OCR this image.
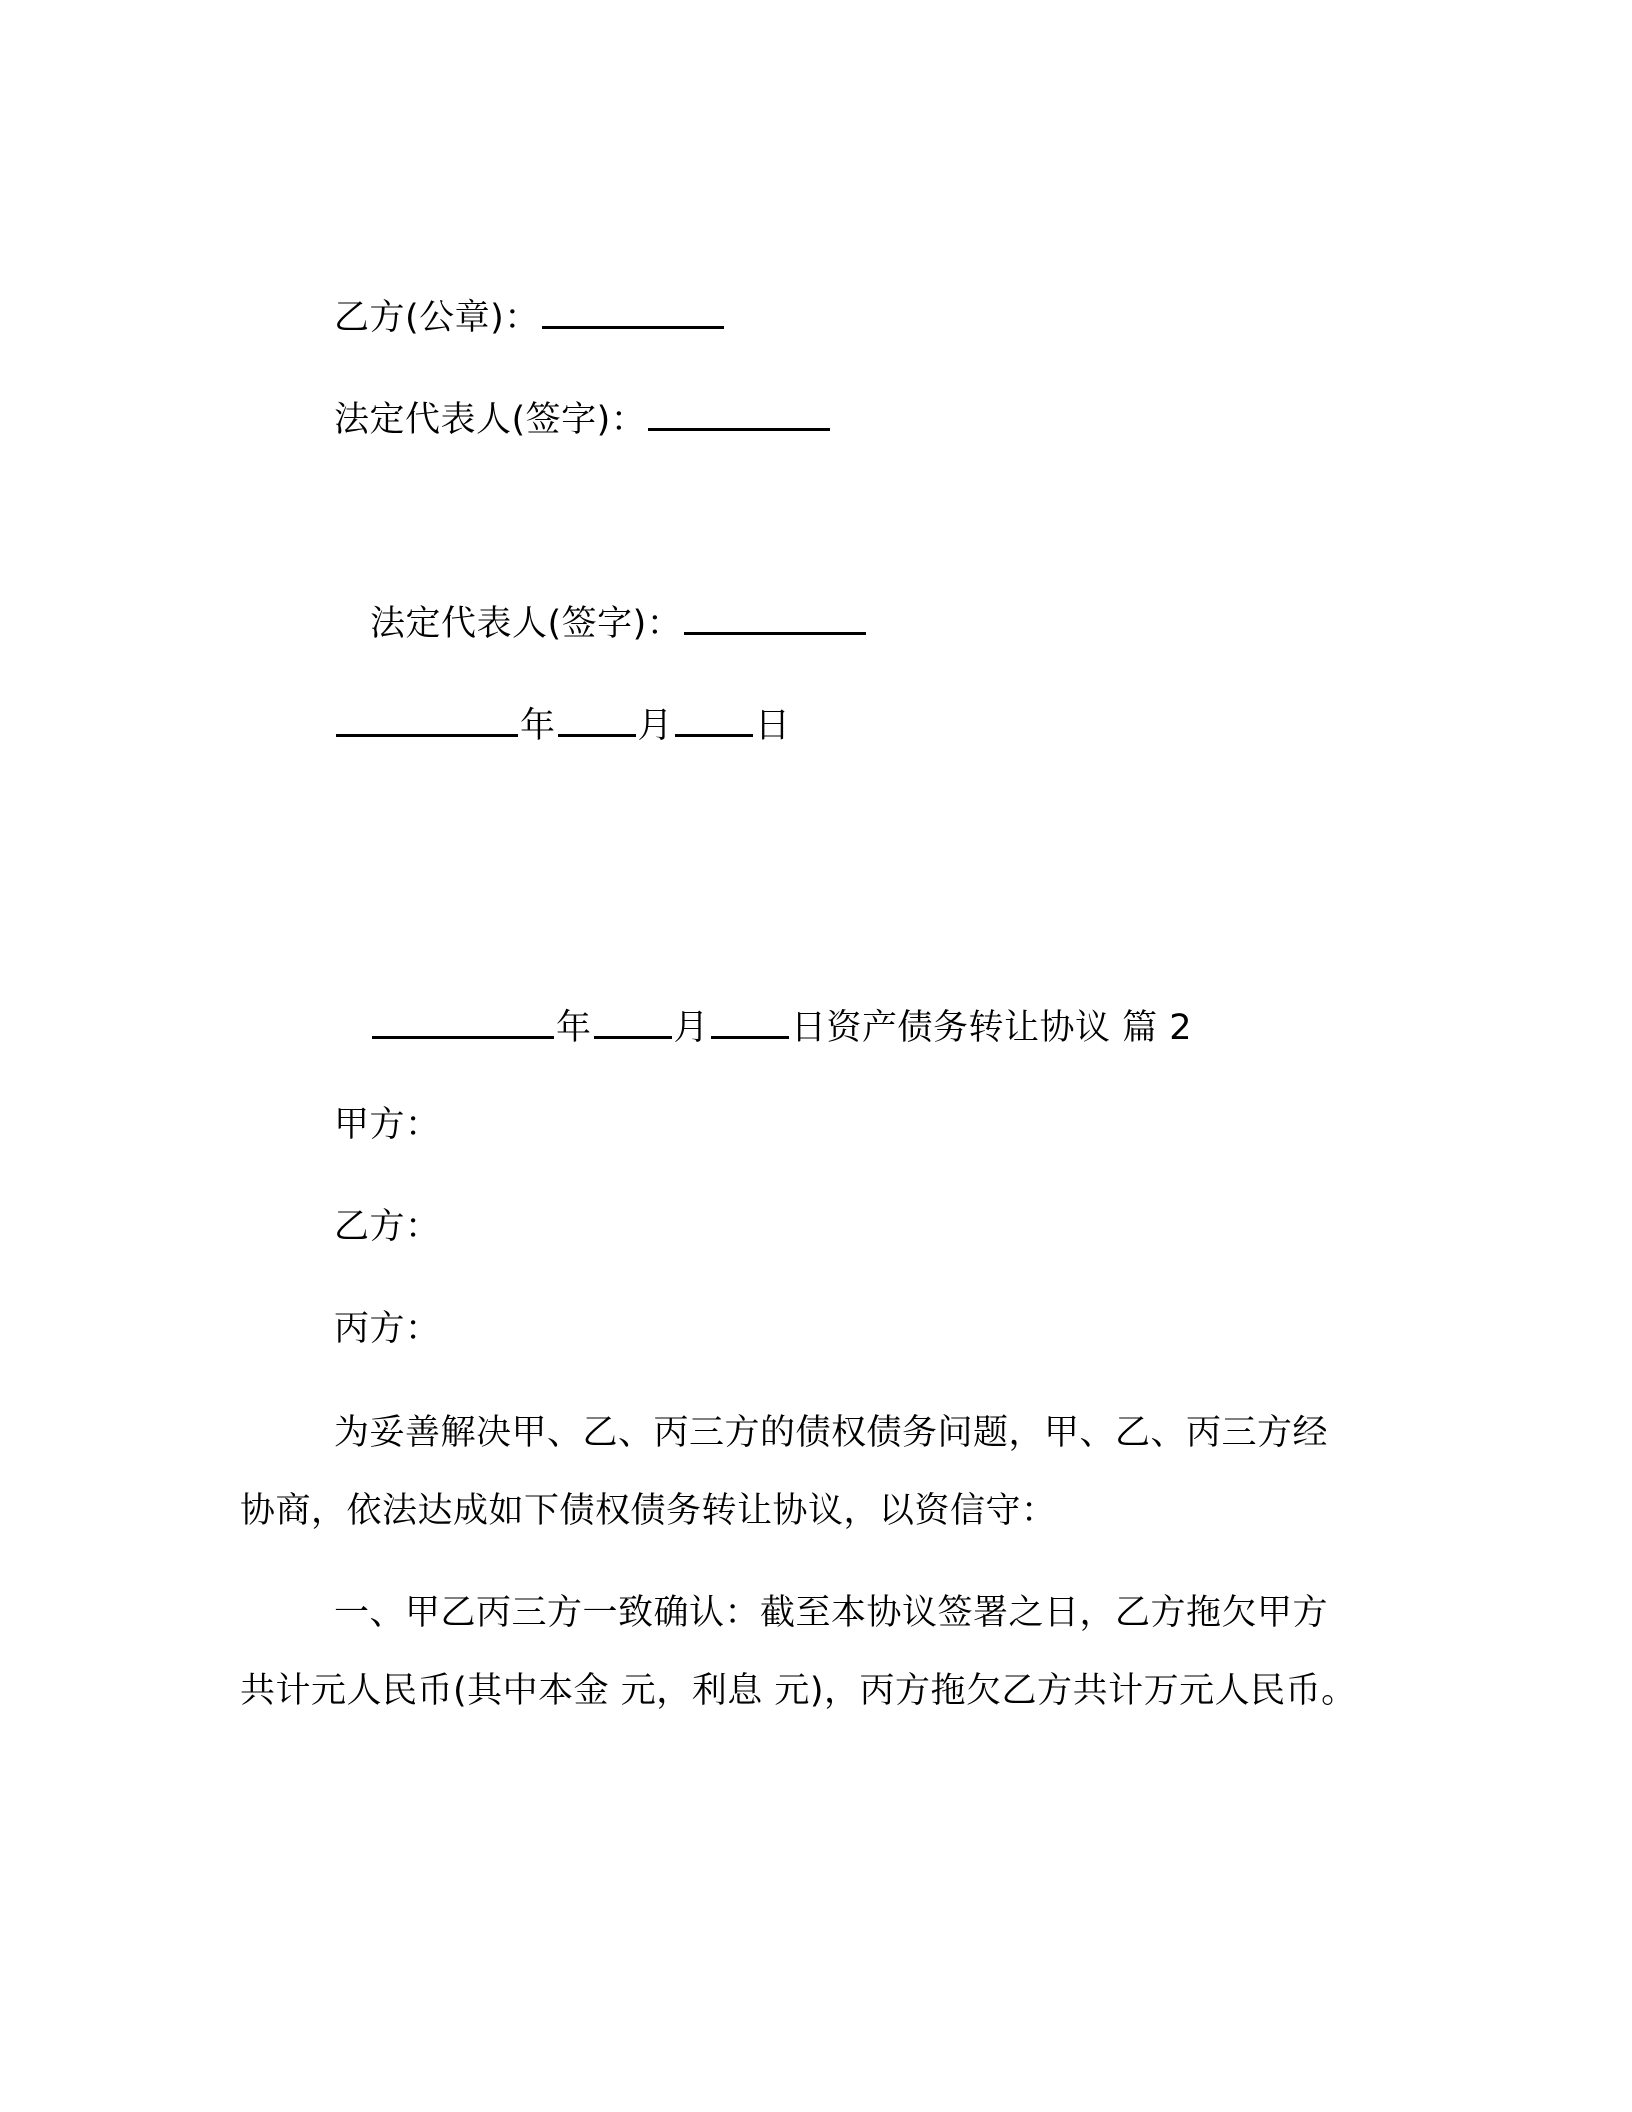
乙方(公章)：
法定代表人(签字)：
法定代表人(签字)：
年 月 日
年 月 日资产债务转让协议 篇 2
甲方：
乙方：
丙方：
为妥善解决甲、乙、丙三方的债权债务问题，甲、乙、丙三方经
协商，依法达成如下债权债务转让协议，以资信守：
一、甲乙丙三方一致确认：截至本协议签署之日，乙方拖欠甲方
共计元人民币(其中本金 元，利息 元)，丙方拖欠乙方共计万元人民币。
